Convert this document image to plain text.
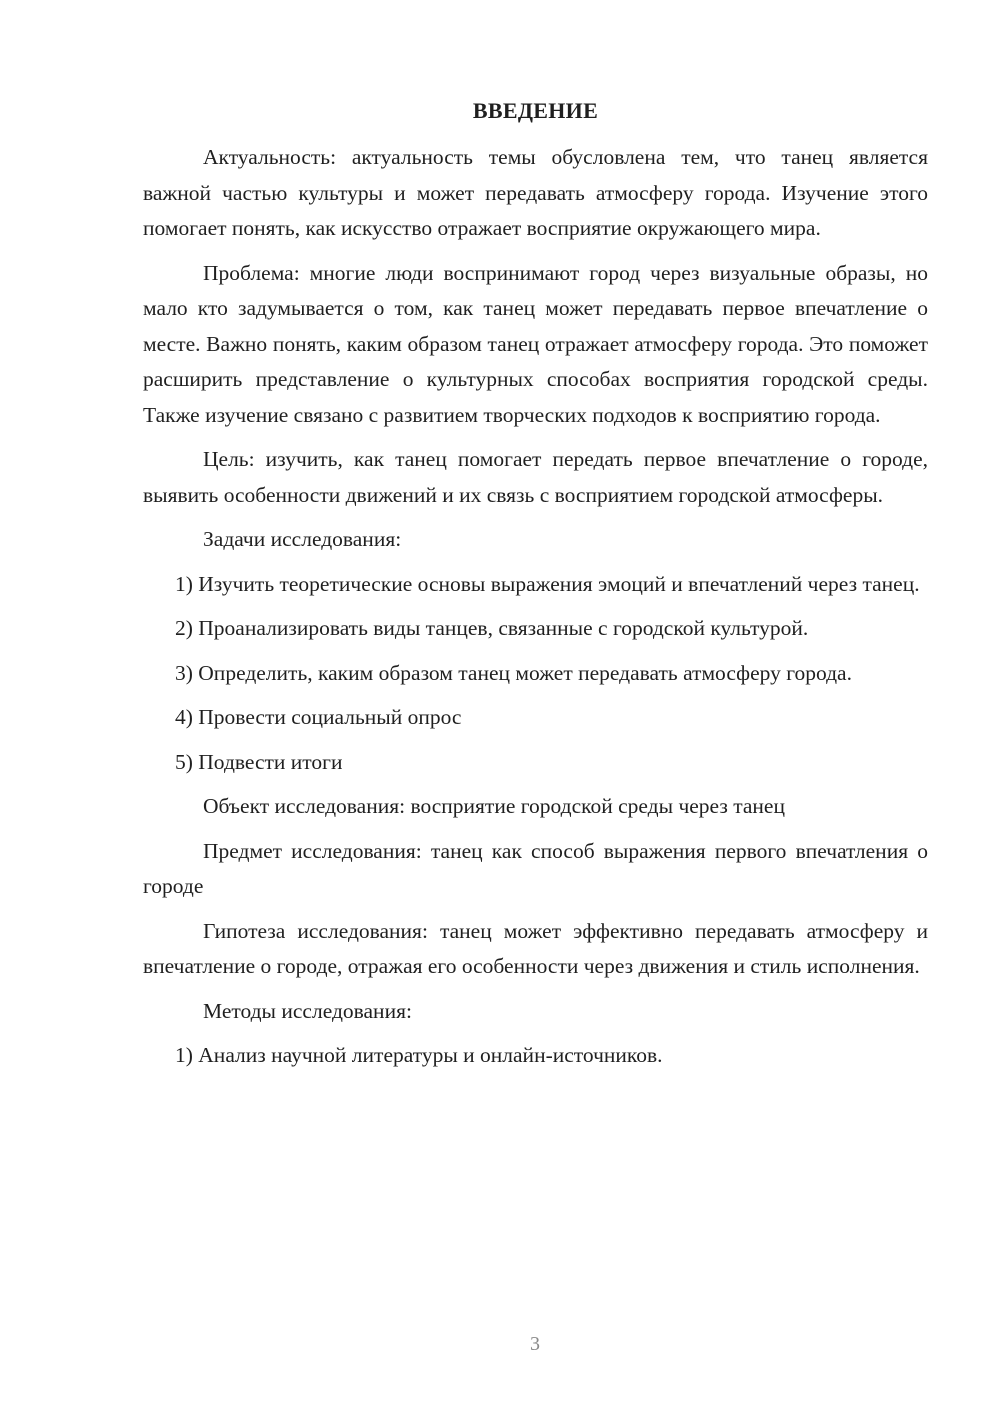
ВВЕДЕНИЕ

Актуальность: актуальность темы обусловлена тем, что танец является важной частью культуры и может передавать атмосферу города. Изучение этого помогает понять, как искусство отражает восприятие окружающего мира.

Проблема: многие люди воспринимают город через визуальные образы, но мало кто задумывается о том, как танец может передавать первое впечатление о месте. Важно понять, каким образом танец отражает атмосферу города. Это поможет расширить представление о культурных способах восприятия городской среды. Также изучение связано с развитием творческих подходов к восприятию города.

Цель: изучить, как танец помогает передать первое впечатление о городе, выявить особенности движений и их связь с восприятием городской атмосферы.

Задачи исследования:

1) Изучить теоретические основы выражения эмоций и впечатлений через танец.

2) Проанализировать виды танцев, связанные с городской культурой.

3) Определить, каким образом танец может передавать атмосферу города.

4) Провести социальный опрос

5) Подвести итоги

Объект исследования: восприятие городской среды через танец

Предмет исследования: танец как способ выражения первого впечатления о городе

Гипотеза исследования: танец может эффективно передавать атмосферу и впечатление о городе, отражая его особенности через движения и стиль исполнения.

Методы исследования:

1) Анализ научной литературы и онлайн-источников.

3
